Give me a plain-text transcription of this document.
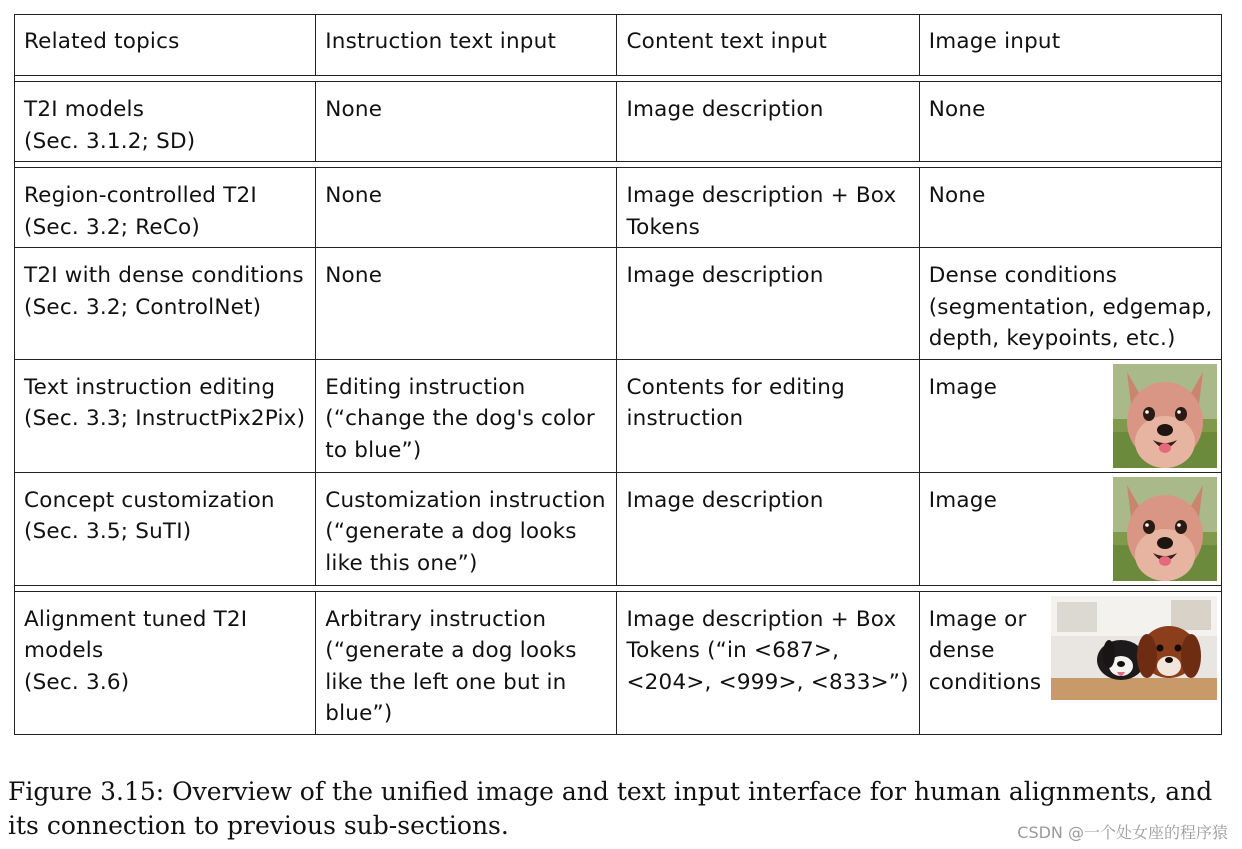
Related topics	Instruction text input	Content text input	Image input

T2I models
(Sec. 3.1.2; SD)	None	Image description	None

Region-controlled T2I
(Sec. 3.2; ReCo)	None	Image description + Box Tokens	None

T2I with dense conditions
(Sec. 3.2; ControlNet)	None	Image description	Dense conditions (segmentation, edgemap, depth, keypoints, etc.)

Text instruction editing
(Sec. 3.3; InstructPix2Pix)	Editing instruction (“change the dog's color to blue”)	Contents for editing instruction	Image

Concept customization
(Sec. 3.5; SuTI)	Customization instruction (“generate a dog looks like this one”)	Image description	Image

Alignment tuned T2I models
(Sec. 3.6)	Arbitrary instruction (“generate a dog looks like the left one but in blue”)	Image description + Box Tokens (“in <687>, <204>, <999>, <833>”)	Image or dense conditions
Figure 3.15: Overview of the unified image and text input interface for human alignments, and its connection to previous sub-sections.	CSDN @一个处女座的程序猿
